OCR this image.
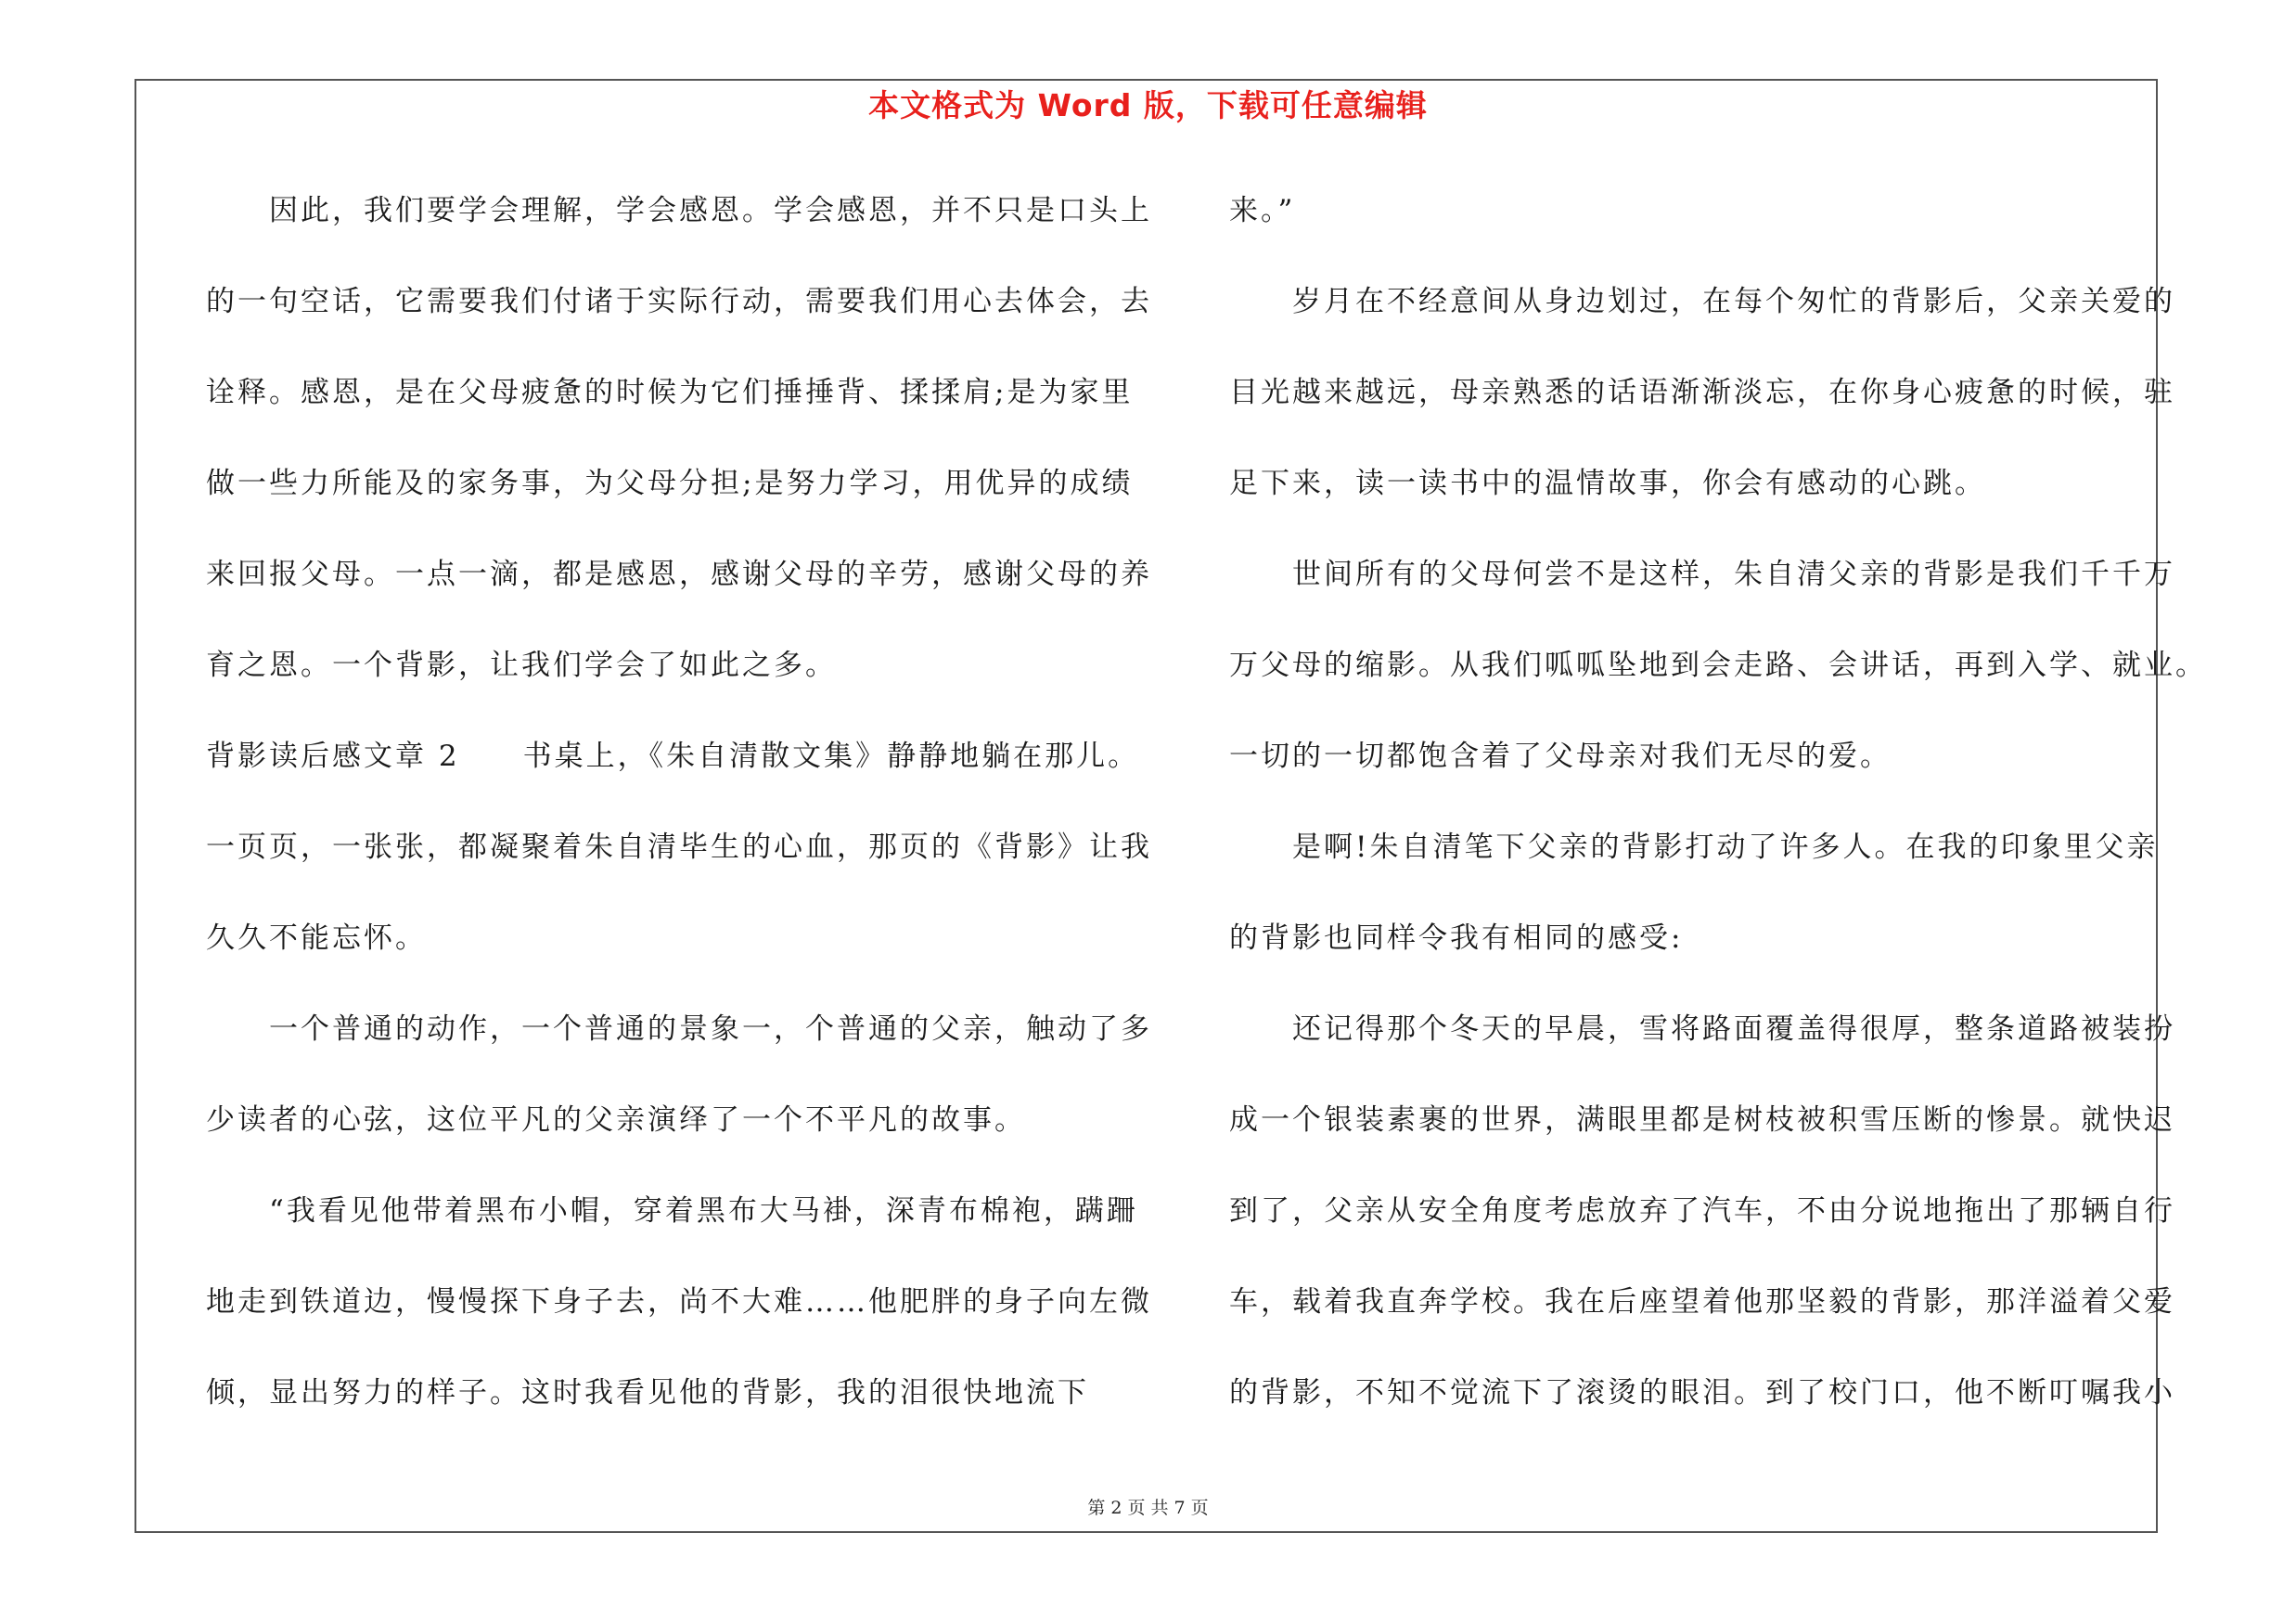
本文格式为 Word 版，下载可任意编辑
　　因此，我们要学会理解，学会感恩。学会感恩，并不只是口头上
的一句空话，它需要我们付诸于实际行动，需要我们用心去体会，去
诠释。感恩，是在父母疲惫的时候为它们捶捶背、揉揉肩;是为家里
做一些力所能及的家务事，为父母分担;是努力学习，用优异的成绩
来回报父母。一点一滴，都是感恩，感谢父母的辛劳，感谢父母的养
育之恩。一个背影，让我们学会了如此之多。
背影读后感文章 2　　书桌上，《朱自清散文集》静静地躺在那儿。
一页页，一张张，都凝聚着朱自清毕生的心血，那页的《背影》让我
久久不能忘怀。
　　一个普通的动作，一个普通的景象一，个普通的父亲，触动了多
少读者的心弦，这位平凡的父亲演绎了一个不平凡的故事。
　　“我看见他带着黑布小帽，穿着黑布大马褂，深青布棉袍，蹒跚
地走到铁道边，慢慢探下身子去，尚不大难……他肥胖的身子向左微
倾，显出努力的样子。这时我看见他的背影，我的泪很快地流下
来。”
　　岁月在不经意间从身边划过，在每个匆忙的背影后，父亲关爱的
目光越来越远，母亲熟悉的话语渐渐淡忘，在你身心疲惫的时候，驻
足下来，读一读书中的温情故事，你会有感动的心跳。
　　世间所有的父母何尝不是这样，朱自清父亲的背影是我们千千万
万父母的缩影。从我们呱呱坠地到会走路、会讲话，再到入学、就业。
一切的一切都饱含着了父母亲对我们无尽的爱。
　　是啊!朱自清笔下父亲的背影打动了许多人。在我的印象里父亲
的背影也同样令我有相同的感受:
　　还记得那个冬天的早晨，雪将路面覆盖得很厚，整条道路被装扮
成一个银装素裹的世界，满眼里都是树枝被积雪压断的惨景。就快迟
到了，父亲从安全角度考虑放弃了汽车，不由分说地拖出了那辆自行
车，载着我直奔学校。我在后座望着他那坚毅的背影，那洋溢着父爱
的背影，不知不觉流下了滚烫的眼泪。到了校门口，他不断叮嘱我小
第 2 页 共 7 页
